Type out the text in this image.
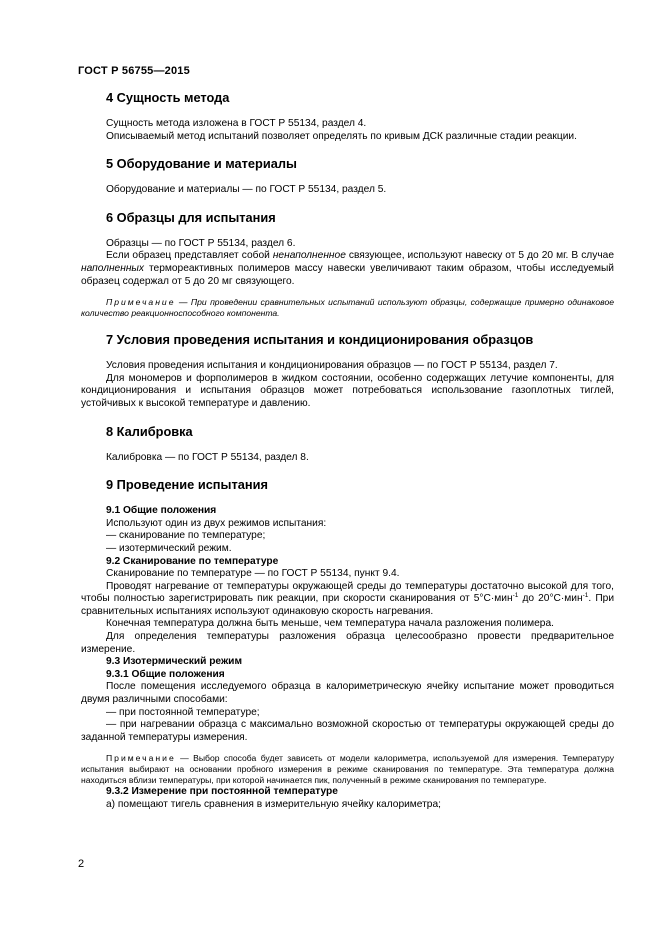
ГОСТ Р 56755—2015
4 Сущность метода

Сущность метода изложена в ГОСТ Р 55134, раздел 4.

Описываемый метод испытаний позволяет определять по кривым ДСК различные стадии реакции.

5 Оборудование и материалы

Оборудование и материалы — по ГОСТ Р 55134, раздел 5.

6 Образцы для испытания

Образцы — по ГОСТ Р 55134, раздел 6.

Если образец представляет собой ненаполненное связующее, используют навеску от 5 до 20 мг. В случае наполненных термореактивных полимеров массу навески увеличивают таким образом, чтобы исследуемый образец содержал от 5 до 20 мг связующего.

Примечание — При проведении сравнительных испытаний используют образцы, содержащие примерно одинаковое количество реакционноспособного компонента.

7 Условия проведения испытания и кондиционирования образцов

Условия проведения испытания и кондиционирования образцов — по ГОСТ Р 55134, раздел 7.

Для мономеров и форполимеров в жидком состоянии, особенно содержащих летучие компоненты, для кондиционирования и испытания образцов может потребоваться использование газоплотных тиглей, устойчивых к высокой температуре и давлению.

8 Калибровка

Калибровка — по ГОСТ Р 55134, раздел 8.

9 Проведение испытания
9.1 Общие положения

Используют один из двух режимов испытания:

— сканирование по температуре;

— изотермический режим.

9.2 Сканирование по температуре

Сканирование по температуре — по ГОСТ Р 55134, пункт 9.4.

Проводят нагревание от температуры окружающей среды до температуры достаточно высокой для того, чтобы полностью зарегистрировать пик реакции, при скорости сканирования от 5°C·мин$^{-1}$ до 20°C·мин$^{-1}$. При сравнительных испытаниях используют одинаковую скорость нагревания.

Конечная температура должна быть меньше, чем температура начала разложения полимера.

Для определения температуры разложения образца целесообразно провести предварительное измерение.

9.3 Изотермический режим
9.3.1 Общие положения

После помещения исследуемого образца в калориметрическую ячейку испытание может проводиться двумя различными способами:

— при постоянной температуре;

— при нагревании образца с максимально возможной скоростью от температуры окружающей среды до заданной температуры измерения.

Примечание — Выбор способа будет зависеть от модели калориметра, используемой для измерения. Температуру испытания выбирают на основании пробного измерения в режиме сканирования по температуре. Эта температура должна находиться вблизи температуры, при которой начинается пик, полученный в режиме сканирования по температуре.

9.3.2 Измерение при постоянной температуре

а) помещают тигель сравнения в измерительную ячейку калориметра;

2
